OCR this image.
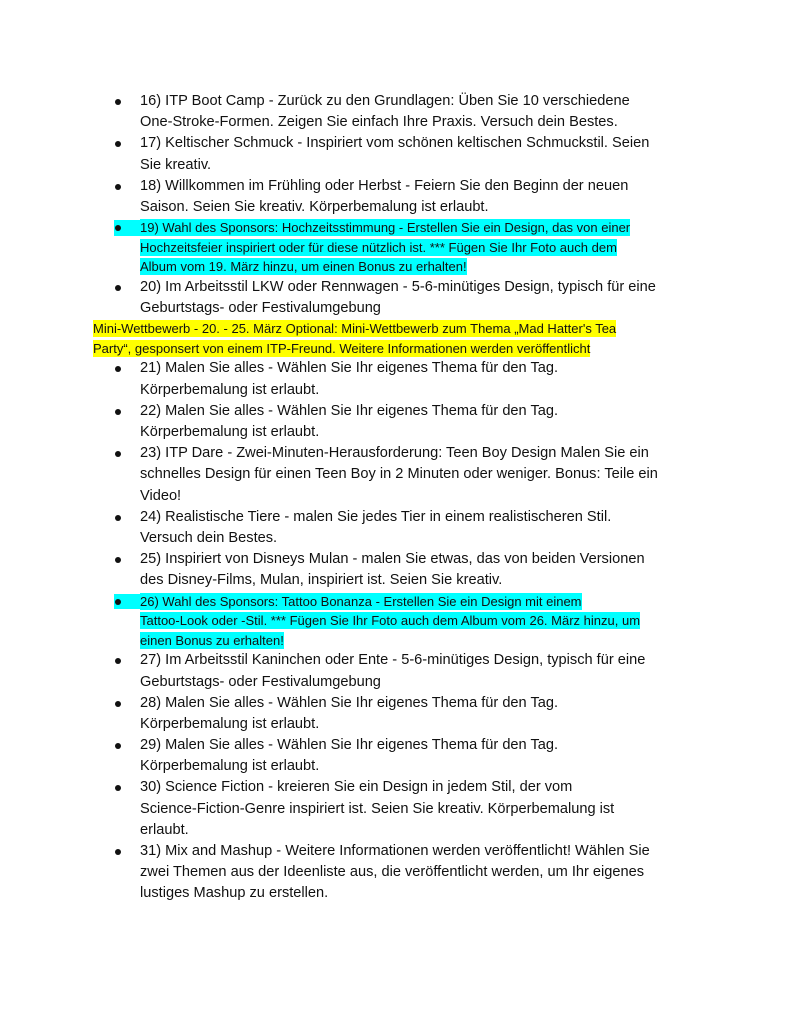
16) ITP Boot Camp - Zurück zu den Grundlagen: Üben Sie 10 verschiedene
One-Stroke-Formen. Zeigen Sie einfach Ihre Praxis. Versuch dein Bestes.
17) Keltischer Schmuck - Inspiriert vom schönen keltischen Schmuckstil. Seien
Sie kreativ.
18) Willkommen im Frühling oder Herbst - Feiern Sie den Beginn der neuen
Saison. Seien Sie kreativ. Körperbemalung ist erlaubt.
19) Wahl des Sponsors: Hochzeitsstimmung - Erstellen Sie ein Design, das von einer
Hochzeitsfeier inspiriert oder für diese nützlich ist. *** Fügen Sie Ihr Foto auch dem
Album vom 19. März hinzu, um einen Bonus zu erhalten!
20) Im Arbeitsstil LKW oder Rennwagen - 5-6-minütiges Design, typisch für eine
Geburtstags- oder Festivalumgebung
Mini-Wettbewerb - 20. - 25. März Optional: Mini-Wettbewerb zum Thema „Mad Hatter's Tea
Party“, gesponsert von einem ITP-Freund. Weitere Informationen werden veröffentlicht
21) Malen Sie alles - Wählen Sie Ihr eigenes Thema für den Tag.
Körperbemalung ist erlaubt.
22) Malen Sie alles - Wählen Sie Ihr eigenes Thema für den Tag.
Körperbemalung ist erlaubt.
23) ITP Dare - Zwei-Minuten-Herausforderung: Teen Boy Design Malen Sie ein
schnelles Design für einen Teen Boy in 2 Minuten oder weniger. Bonus: Teile ein
Video!
24) Realistische Tiere - malen Sie jedes Tier in einem realistischeren Stil.
Versuch dein Bestes.
25) Inspiriert von Disneys Mulan - malen Sie etwas, das von beiden Versionen
des Disney-Films, Mulan, inspiriert ist. Seien Sie kreativ.
26) Wahl des Sponsors: Tattoo Bonanza - Erstellen Sie ein Design mit einem
Tattoo-Look oder -Stil. *** Fügen Sie Ihr Foto auch dem Album vom 26. März hinzu, um
einen Bonus zu erhalten!
27) Im Arbeitsstil Kaninchen oder Ente - 5-6-minütiges Design, typisch für eine
Geburtstags- oder Festivalumgebung
28) Malen Sie alles - Wählen Sie Ihr eigenes Thema für den Tag.
Körperbemalung ist erlaubt.
29) Malen Sie alles - Wählen Sie Ihr eigenes Thema für den Tag.
Körperbemalung ist erlaubt.
30) Science Fiction - kreieren Sie ein Design in jedem Stil, der vom
Science-Fiction-Genre inspiriert ist. Seien Sie kreativ. Körperbemalung ist
erlaubt.
31) Mix and Mashup - Weitere Informationen werden veröffentlicht! Wählen Sie
zwei Themen aus der Ideenliste aus, die veröffentlicht werden, um Ihr eigenes
lustiges Mashup zu erstellen.
